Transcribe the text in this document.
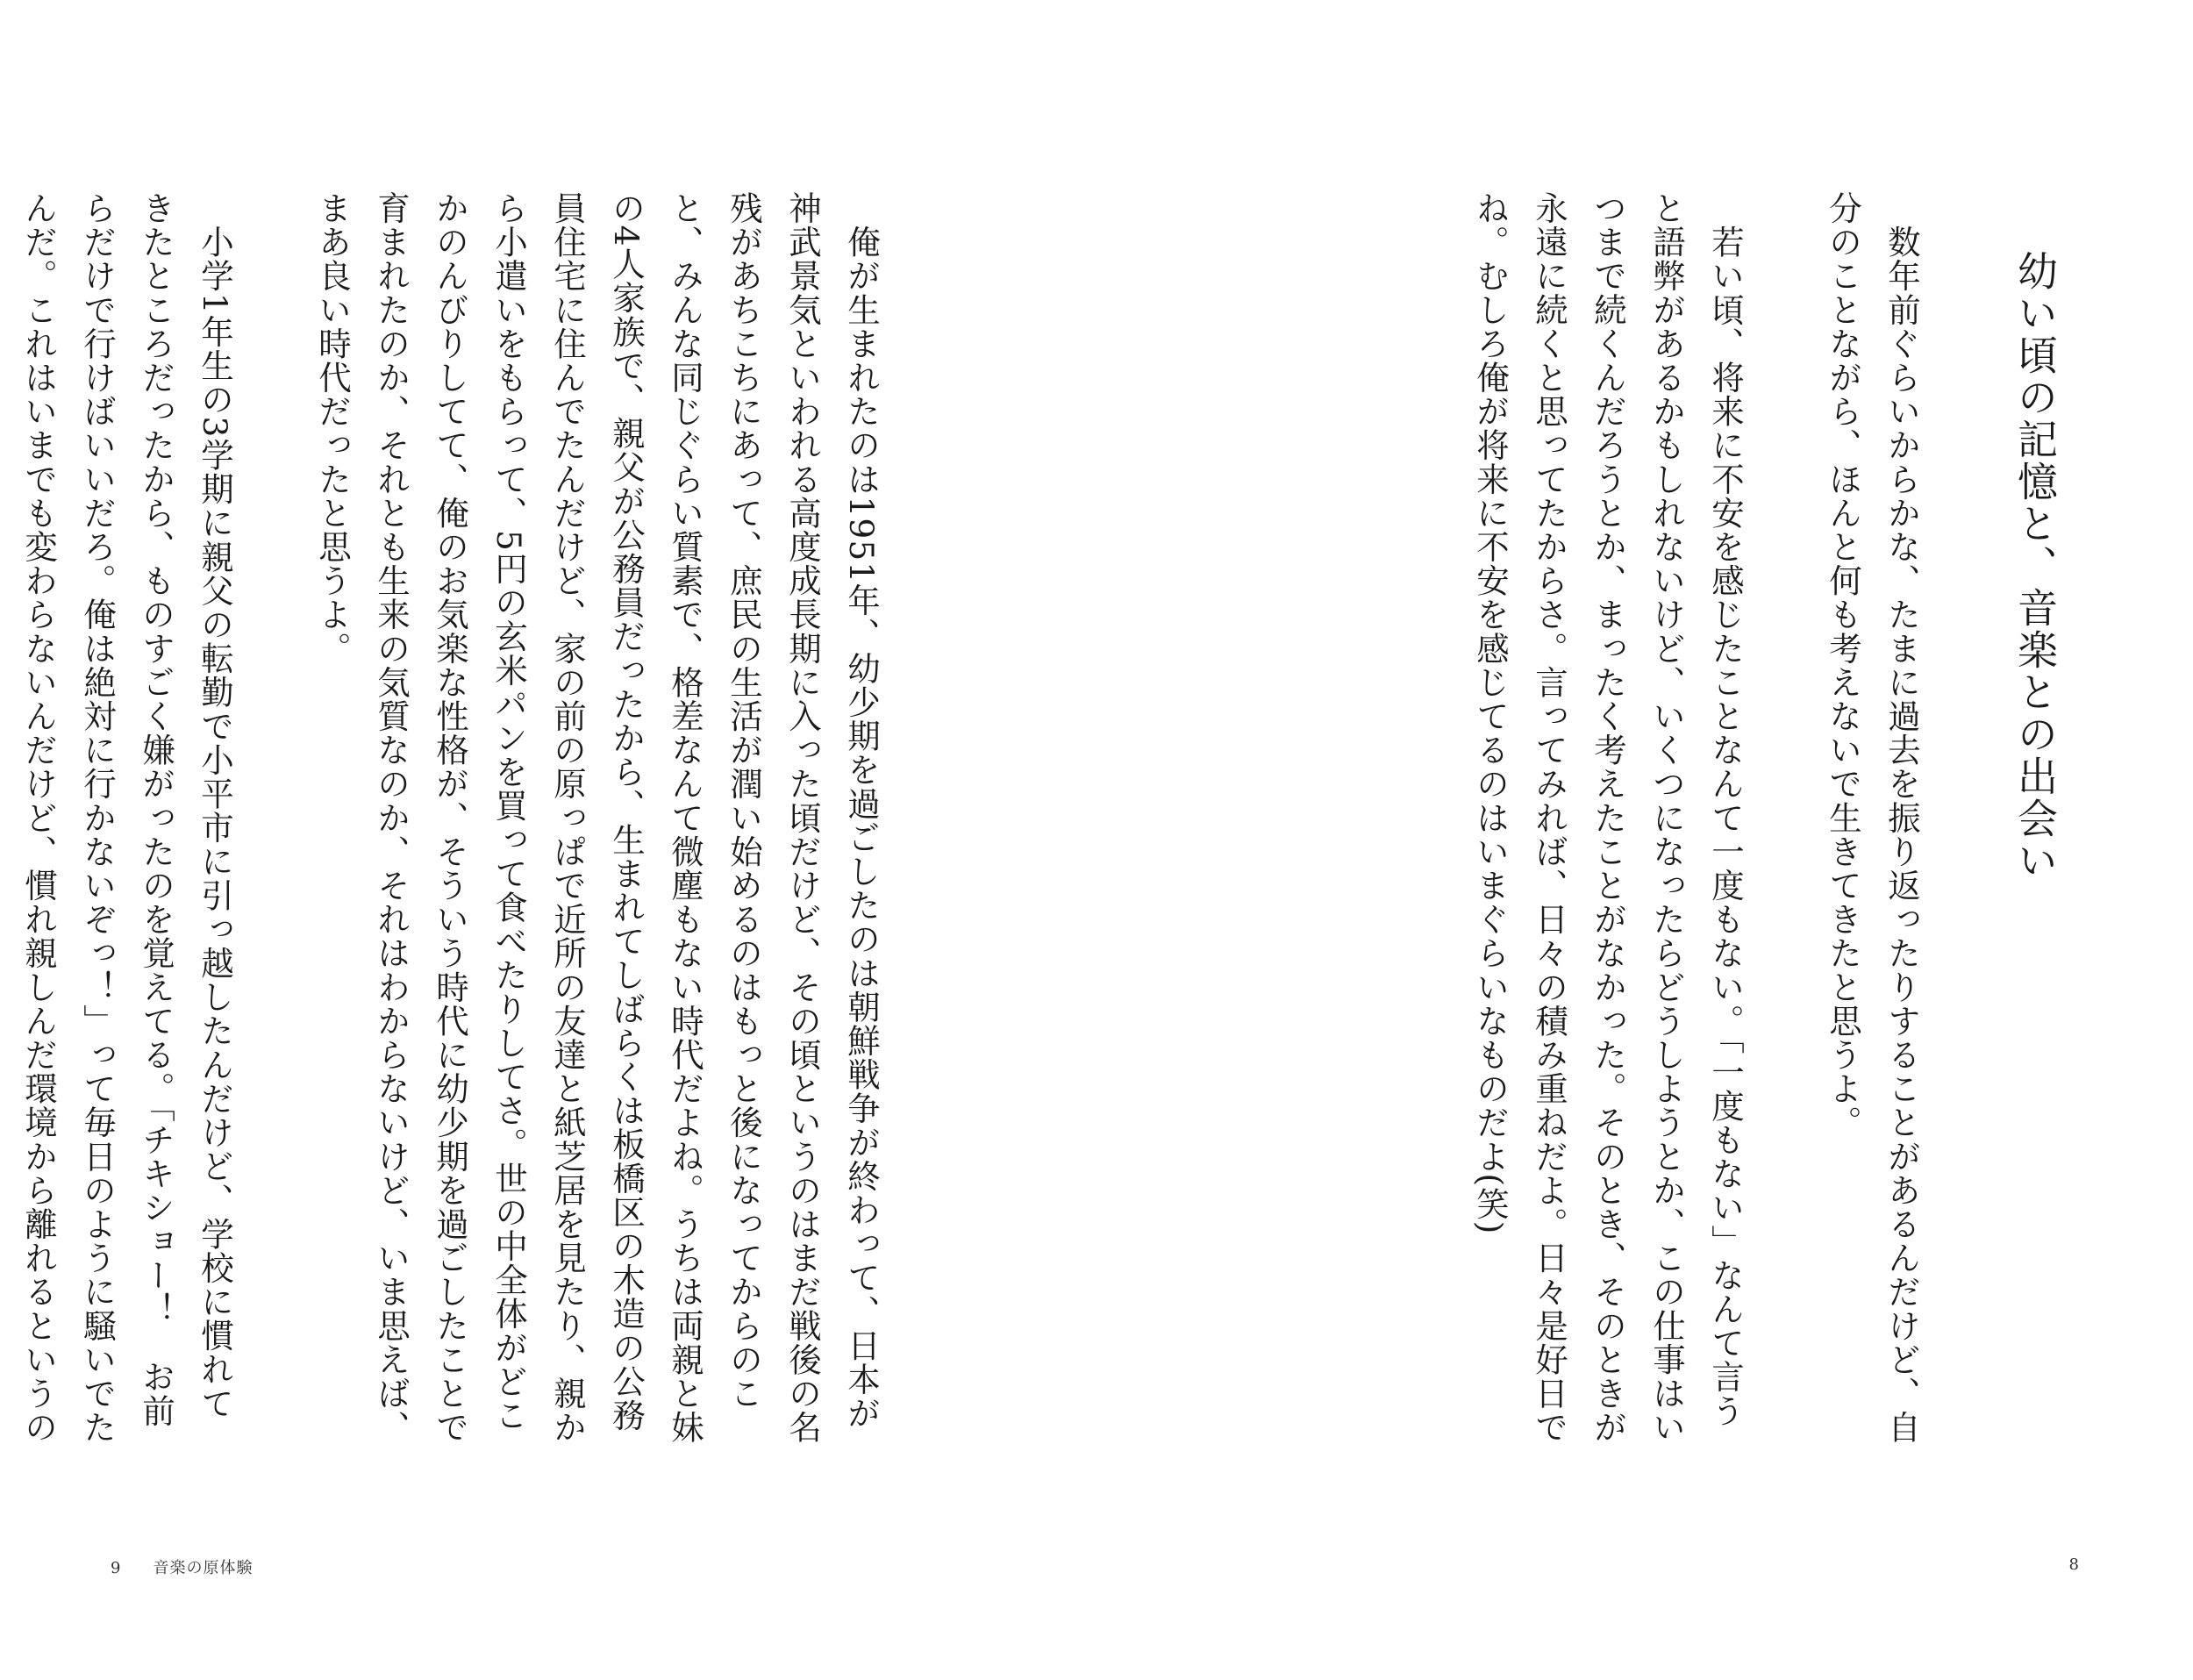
　俺が生まれたのは1951年、幼少期を過ごしたのは朝鮮戦争が終わって、日本が神武景気といわれる高度成長期に入った頃だけど、その頃というのはまだ戦後の名残があちこちにあって、庶民の生活が潤い始めるのはもっと後になってからのこと、みんな同じぐらい質素で、格差なんて微塵もない時代だよね。うちは両親と妹の4人家族で、親父が公務員だったから、生まれてしばらくは板橋区の木造の公務員住宅に住んでたんだけど、家の前の原っぱで近所の友達と紙芝居を見たり、親から小遣いをもらって、5円の玄米パンを買って食べたりしてさ。世の中全体がどこかのんびりしてて、俺のお気楽な性格が、そういう時代に幼少期を過ごしたことで育まれたのか、それとも生来の気質なのか、それはわからないけど、いま思えば、まあ良い時代だったと思うよ。

　小学1年生の3学期に親父の転勤で小平市に引っ越したんだけど、学校に慣れてきたところだったから、ものすごく嫌がったのを覚えてる。「チキショー！　お前らだけで行けばいいだろ。俺は絶対に行かないぞっ！」って毎日のように騒いでたんだ。これはいまでも変わらないんだけど、慣れ親しんだ環境から離れるというの

9 音楽の原体験
幼い頃の記憶と、音楽との出会い

　数年前ぐらいからかな、たまに過去を振り返ったりすることがあるんだけど、自分のことながら、ほんと何も考えないで生きてきたと思うよ。

　若い頃、将来に不安を感じたことなんて一度もない。「一度もない」なんて言うと語弊があるかもしれないけど、いくつになったらどうしようとか、この仕事はいつまで続くんだろうとか、まったく考えたことがなかった。そのとき、そのときが永遠に続くと思ってたからさ。言ってみれば、日々の積み重ねだよ。日々是好日でね。むしろ俺が将来に不安を感じてるのはいまぐらいなものだよ(笑)

8
